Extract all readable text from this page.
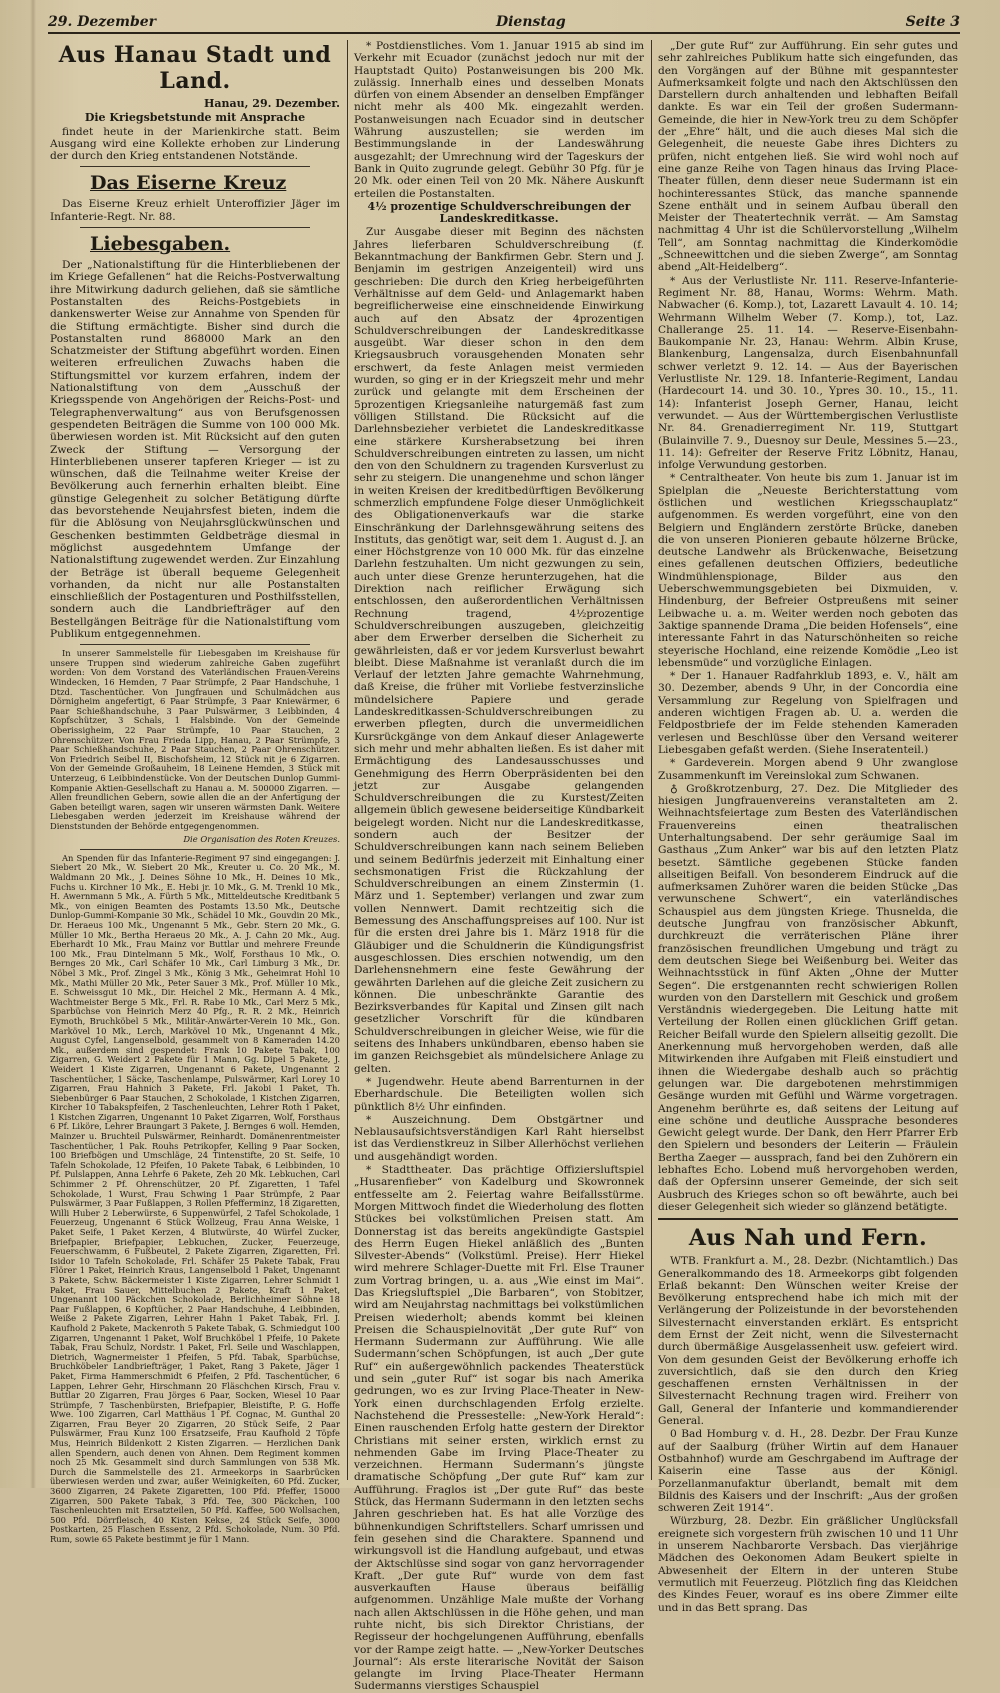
29. Dezember	Dienstag	Seite 3
Aus Hanau Stadt und Land.
Hanau, 29. Dezember.
Die Kriegsbetstunde mit Ansprache

findet heute in der Marienkirche statt. Beim Ausgang wird eine Kollekte erhoben zur Linderung der durch den Krieg entstandenen Notstände.

Das Eiserne Kreuz

Das Eiserne Kreuz erhielt Unteroffizier Jäger im Infanterie-Regt. Nr. 88.

Liebesgaben.

Der „Nationalstiftung für die Hinterbliebenen der im Kriege Gefallenen“ hat die Reichs-Postverwaltung ihre Mitwirkung dadurch geliehen, daß sie sämtliche Postanstalten des Reichs-Postgebiets in dankenswerter Weise zur Annahme von Spenden für die Stiftung ermächtigte. Bisher sind durch die Postanstalten rund 868000 Mark an den Schatzmeister der Stiftung abgeführt worden. Einen weiteren erfreulichen Zuwachs haben die Stiftungsmittel vor kurzem erfahren, indem der Nationalstiftung von dem „Ausschuß der Kriegsspende von Angehörigen der Reichs-Post- und Telegraphenverwaltung“ aus von Berufsgenossen gespendeten Beiträgen die Summe von 100 000 Mk. überwiesen worden ist. Mit Rücksicht auf den guten Zweck der Stiftung — Versorgung der Hinterbliebenen unserer tapferen Krieger — ist zu wünschen, daß die Teilnahme weiter Kreise der Bevölkerung auch fernerhin erhalten bleibt. Eine günstige Gelegenheit zu solcher Betätigung dürfte das bevorstehende Neujahrsfest bieten, indem die für die Ablösung von Neujahrsglückwünschen und Geschenken bestimmten Geldbeträge diesmal in möglichst ausgedehntem Umfange der Nationalstiftung zugewendet werden. Zur Einzahlung der Beträge ist überall bequeme Gelegenheit vorhanden, da nicht nur alle Postanstalten einschließlich der Postagenturen und Posthilfsstellen, sondern auch die Landbriefträger auf den Bestellgängen Beiträge für die Nationalstiftung vom Publikum entgegennehmen.

In unserer Sammelstelle für Liebesgaben im Kreishause für unsere Truppen sind wiederum zahlreiche Gaben zugeführt worden: Von dem Vorstand des Vaterländischen Frauen-Vereins Windecken, 16 Hemden, 7 Paar Strümpfe, 2 Paar Handschuhe, 1 Dtzd. Taschentücher. Von Jungfrauen und Schulmädchen aus Dörnigheim angefertigt, 6 Paar Strümpfe, 3 Paar Kniewärmer, 6 Paar Schießhandschuhe, 3 Paar Pulswärmer, 3 Leibbinden, 4 Kopfschützer, 3 Schals, 1 Halsbinde. Von der Gemeinde Oberissigheim, 22 Paar Strümpfe, 10 Paar Stauchen, 2 Ohrenschützer. Von Frau Frieda Lipp, Hanau, 2 Paar Strümpfe, 3 Paar Schießhandschuhe, 2 Paar Stauchen, 2 Paar Ohrenschützer. Von Friedrich Seibel II, Bischofsheim, 12 Stück nit je 6 Zigarren. Von der Gemeinde Großauheim, 18 Leinene Hemden, 3 Stück mit Unterzeug, 6 Leibbindenstücke. Von der Deutschen Dunlop Gummi-Kompanie Aktien-Gesellschaft zu Hanau a. M. 500000 Zigarren. — Allen freundlichen Gebern, sowie allen die an der Anfertigung der Gaben beteiligt waren, sagen wir unseren wärmsten Dank. Weitere Liebesgaben werden jederzeit im Kreishause während der Dienststunden der Behörde entgegengenommen.

Die Organisation des Roten Kreuzes.

An Spenden für das Infanterie-Regiment 97 sind eingegangen: J. Siebert 20 Mk., W. Siebert 20 Mk., Kreuter u. Co. 20 Mk., M. Waldmann 20 Mk., J. Deines Söhne 10 Mk., H. Deines 10 Mk., Fuchs u. Kirchner 10 Mk., E. Hebi jr. 10 Mk., G. M. Trenkl 10 Mk., H. Awernmann 5 Mk., A. Fürth 5 Mk., Mitteldeutsche Kreditbank 5 Mk., von einigen Beamten des Postamts 13.50 Mk., Deutsche Dunlop-Gummi-Kompanie 30 Mk., Schädel 10 Mk., Gouvdin 20 Mk., Dr. Heraeus 100 Mk., Ungenannt 5 Mk., Gebr. Stern 20 Mk., G. Müller 10 Mk., Bertha Heraeus 20 Mk., A. J. Cahn 20 Mk., Aug. Eberhardt 10 Mk., Frau Mainz vor Buttlar und mehrere Freunde 100 Mk., Frau Dintelmann 5 Mk., Wolf, Forsthaus 10 Mk., O. Bernges 20 Mk., Carl Schäfer 10 Mk., Carl Limburg 3 Mk., Dr. Nöbel 3 Mk., Prof. Zingel 3 Mk., König 3 Mk., Geheimrat Hohl 10 Mk., Mathi Müller 20 Mk., Peter Sauer 3 Mk., Prof. Müller 10 Mk., E. Schweissgut 10 Mk., Dir. Heichel 2 Mk., Hermann A. 4 Mk., Wachtmeister Berge 5 Mk., Frl. R. Rabe 10 Mk., Carl Merz 5 Mk., Sparbüchse von Heinrich Merz 40 Pfg., R. R. 2 Mk., Heinrich Eymoth, Bruchköbel 5 Mk., Militär-Anwärter-Verein 10 Mk., Gon. Markövel 10 Mk., Lerch, Markövel 10 Mk., Ungenannt 4 Mk., August Cyfel, Langenselbold, gesammelt von 8 Kameraden 14.20 Mk., außerdem sind gespendet: Frank 10 Pakete Tabak, 100 Zigarren, G. Weidert 2 Pakete für 1 Mann, Gg. Dipel 5 Pakete, J. Weidert 1 Kiste Zigarren, Ungenannt 6 Pakete, Ungenannt 2 Taschentücher, 1 Säcke, Taschenlampe, Pulswärmer, Karl Lorey 10 Zigarren, Frau Hahnich 3 Pakete, Frl. Jakobi 1 Paket, Th. Siebenbürger 6 Paar Stauchen, 2 Schokolade, 1 Kistchen Zigarren, Kircher 10 Tabakspfeifen, 2 Taschenleuchten, Lehrer Roth 1 Paket, 1 Kistchen Zigarren, Ungenannt 10 Paket Zigarren, Wolf, Forsthaus 6 Pf. Liköre, Lehrer Braungart 3 Pakete, J. Bernges 6 woll. Hemden, Mainzer u. Bruchteil Pulswärmer, Reinhardt. Domänenrentmeister Taschentücher, 1 Pak. Rouhs Petrikopfer, Kelling 9 Paar Socken, 100 Briefbögen und Umschläge, 24 Tintenstifte, 20 St. Seife, 10 Tafeln Schokolade, 12 Pfeifen, 10 Pakete Tabak, 6 Leibbinden, 10 Pf. Pulslappen, Anna Lehrfe 6 Pakete, Zeh 20 Mk. Lebkuchen, Carl Schimmer 2 Pf. Ohrenschützer, 20 Pf. Zigaretten, 1 Tafel Schokolade, 1 Wurst, Frau Schwing 1 Paar Strümpfe, 2 Paar Pulswärmer, 3 Paar Fußlappen, 3 Rollen Pfefferminz, 18 Zigaretten, Willi Huber 2 Leberwürste, 6 Suppenwürfel, 2 Tafel Schokolade, 1 Feuerzeug, Ungenannt 6 Stück Wollzeug, Frau Anna Weiske, 1 Paket Seife, 1 Paket Kerzen, 4 Blutwürste, 40 Würfel Zucker, Briefpapier, Briefpapier, Lebkuchen, Zucker, Feuerzeuge, Feuerschwamm, 6 Fußbeutel, 2 Pakete Zigarren, Zigaretten, Frl. Isidor 10 Tafeln Schokolade, Frl. Schäfer 25 Pakete Tabak, Frau Flörer 1 Paket, Heinrich Kraus, Langenselbold 1 Paket, Ungenannt 3 Pakete, Schw. Bäckermeister 1 Kiste Zigarren, Lehrer Schmidt 1 Paket, Frau Sauer, Mittelbuchen 2 Pakete, Kraft 1 Paket, Ungenannt 100 Päckchen Schokolade, Berlichheimer Söhne 18 Paar Fußlappen, 6 Kopftücher, 2 Paar Handschuhe, 4 Leibbinden, Weiße 2 Pakete Zigarren, Lehrer Hahn 1 Paket Tabak, Frl. J. Kaufhold 2 Pakete, Mackenroth 5 Pakete Tabak, G. Schmiedgut 100 Zigarren, Ungenannt 1 Paket, Wolf Bruchköbel 1 Pfeife, 10 Pakete Tabak, Frau Schulz, Nordstr. 1 Paket, Frl. Seile und Waschlappen, Dietrich, Wagnermeister 1 Pfeifen, 5 Pfd. Tabak, Sparbüchse, Bruchköbeler Landbriefträger, 1 Paket, Rang 3 Pakete, Jäger 1 Paket, Firma Hammerschmidt 6 Pfeifen, 2 Pfd. Taschentücher, 6 Lappen, Lehrer Gehr, Hirschmann 20 Fläschchen Kirsch, Frau v. Buttlar 20 Zigarren, Frau Jörges 6 Paar, Socken, Wiesel 10 Paar Strümpfe, 7 Taschenbürsten, Briefpapier, Bleistifte, P. G. Hoffe Wwe. 100 Zigarren, Carl Matthäus 1 Pf. Cognac, M. Gunthal 20 Zigarren, Frau Beyer 20 Zigarren, 20 Stück Seife, 2 Paar Pulswärmer, Frau Kunz 100 Ersatzseife, Frau Kaufhold 2 Töpfe Mus, Heinrich Bildenkott 2 Kisten Zigarren. — Herzlichen Dank allen Spendern, auch denen von Ahnen. Dem Regiment kommen noch 25 Mk. Gesammelt sind durch Sammlungen von 538 Mk. Durch die Sammelstelle des 21. Armeekorps in Saarbrücken überwiesen werden und zwar, außer Weinigkeiten, 60 Pfd. Zucker, 3600 Zigarren, 24 Pakete Zigaretten, 100 Pfd. Pfeffer, 15000 Zigarren, 500 Pakete Tabak, 3 Pfd. Tee, 300 Päckchen, 100 Taschenleuchten mit Ersatzteilen, 50 Pfd. Kaffee, 500 Wollsachen, 500 Pfd. Dörrfleisch, 40 Kisten Kekse, 24 Stück Seife, 3000 Postkarten, 25 Flaschen Essenz, 2 Pfd. Schokolade, Num. 30 Pfd. Rum, sowie 65 Pakete bestimmt je für 1 Mann.

* Postdienstliches. Vom 1. Januar 1915 ab sind im Verkehr mit Ecuador (zunächst jedoch nur mit der Hauptstadt Quito) Postanweisungen bis 200 Mk. zulässig. Innerhalb eines und desselben Monats dürfen von einem Absender an denselben Empfänger nicht mehr als 400 Mk. eingezahlt werden. Postanweisungen nach Ecuador sind in deutscher Währung auszustellen; sie werden im Bestimmungslande in der Landeswährung ausgezahlt; der Umrechnung wird der Tageskurs der Bank in Quito zugrunde gelegt. Gebühr 30 Pfg. für je 20 Mk. oder einen Teil von 20 Mk. Nähere Auskunft erteilen die Postanstalten.

4½ prozentige Schuldverschreibungen der Landeskreditkasse.

Zur Ausgabe dieser mit Beginn des nächsten Jahres lieferbaren Schuldverschreibung (f. Bekanntmachung der Bankfirmen Gebr. Stern und J. Benjamin im gestrigen Anzeigenteil) wird uns geschrieben: Die durch den Krieg herbeigeführten Verhältnisse auf dem Geld- und Anlagemarkt haben begreiflicherweise eine einschneidende Einwirkung auch auf den Absatz der 4prozentigen Schuldverschreibungen der Landeskreditkasse ausgeübt. War dieser schon in den dem Kriegsausbruch vorausgehenden Monaten sehr erschwert, da feste Anlagen meist vermieden wurden, so ging er in der Kriegszeit mehr und mehr zurück und gelangte mit dem Erscheinen der 5prozentigen Kriegsanleihe naturgemäß fast zum völligen Stillstand. Die Rücksicht auf die Darlehnsbezieher verbietet die Landeskreditkasse eine stärkere Kursherabsetzung bei ihren Schuldverschreibungen eintreten zu lassen, um nicht den von den Schuldnern zu tragenden Kursverlust zu sehr zu steigern. Die unangenehme und schon länger in weiten Kreisen der kreditbedürftigen Bevölkerung schmerzlich empfundene Folge dieser Unmöglichkeit des Obligationenverkaufs war die starke Einschränkung der Darlehnsgewährung seitens des Instituts, das genötigt war, seit dem 1. August d. J. an einer Höchstgrenze von 10 000 Mk. für das einzelne Darlehn festzuhalten. Um nicht gezwungen zu sein, auch unter diese Grenze herunterzugehen, hat die Direktion nach reiflicher Erwägung sich entschlossen, den außerordentlichen Verhältnissen Rechnung tragend, 4½prozentige Schuldverschreibungen auszugeben, gleichzeitig aber dem Erwerber derselben die Sicherheit zu gewährleisten, daß er vor jedem Kursverlust bewahrt bleibt. Diese Maßnahme ist veranlaßt durch die im Verlauf der letzten Jahre gemachte Wahrnehmung, daß Kreise, die früher mit Vorliebe festverzinsliche mündelsichere Papiere und gerade Landeskreditkassen-Schuldverschreibungen zu erwerben pflegten, durch die unvermeidlichen Kursrückgänge von dem Ankauf dieser Anlagewerte sich mehr und mehr abhalten ließen. Es ist daher mit Ermächtigung des Landesausschusses und Genehmigung des Herrn Oberpräsidenten bei den jetzt zur Ausgabe gelangenden Schuldverschreibungen die zu Kurstest/Zeiten allgemein üblich gewesene beiderseitige Kündbarkeit beigelegt worden. Nicht nur die Landeskreditkasse, sondern auch der Besitzer der Schuldverschreibungen kann nach seinem Belieben und seinem Bedürfnis jederzeit mit Einhaltung einer sechsmonatigen Frist die Rückzahlung der Schuldverschreibungen an einem Zinstermin (1. März und 1. September) verlangen und zwar zum vollen Nennwert. Damit rechtzeitig sich die Bemessung des Anschaffungspreises auf 100. Nur ist für die ersten drei Jahre bis 1. März 1918 für die Gläubiger und die Schuldnerin die Kündigungsfrist ausgeschlossen. Dies erschien notwendig, um den Darlehensnehmern eine feste Gewährung der gewährten Darlehen auf die gleiche Zeit zusichern zu können. Die unbeschränkte Garantie des Bezirksverbandes für Kapital und Zinsen gilt nach gesetzlicher Vorschrift für die kündbaren Schuldverschreibungen in gleicher Weise, wie für die seitens des Inhabers unkündbaren, ebenso haben sie im ganzen Reichsgebiet als mündelsichere Anlage zu gelten.

* Jugendwehr. Heute abend Barrenturnen in der Eberhardschule. Die Beteiligten wollen sich pünktlich 8½ Uhr einfinden.

* Auszeichnung. Dem Obstgärtner und Neblausaufsichtsverständigen Karl Raht hierselbst ist das Verdienstkreuz in Silber Allerhöchst verliehen und ausgehändigt worden.

* Stadttheater. Das prächtige Offiziersluftspiel „Husarenfieber“ von Kadelburg und Skowronnek entfesselte am 2. Feiertag wahre Beifallsstürme. Morgen Mittwoch findet die Wiederholung des flotten Stückes bei volkstümlichen Preisen statt. Am Donnerstag ist das bereits angekündigte Gastspiel des Herrn Eugen Hiekel anläßlich des „Bunten Silvester-Abends“ (Volkstüml. Preise). Herr Hiekel wird mehrere Schlager-Duette mit Frl. Else Trauner zum Vortrag bringen, u. a. aus „Wie einst im Mai“. Das Kriegsluftspiel „Die Barbaren“, von Stobitzer, wird am Neujahrstag nachmittags bei volkstümlichen Preisen wiederholt; abends kommt bei kleinen Preisen die Schauspielnovität „Der gute Ruf“ von Hermann Sudermann zur Aufführung. Wie alle Sudermann’schen Schöpfungen, ist auch „Der gute Ruf“ ein außergewöhnlich packendes Theaterstück und sein „guter Ruf“ ist sogar bis nach Amerika gedrungen, wo es zur Irving Place-Theater in New-York einen durchschlagenden Erfolg erzielte. Nachstehend die Pressestelle: „New-York Herald“: Einen rauschenden Erfolg hatte gestern der Direktor Christians mit seiner ersten, wirklich ernst zu nehmenden Gabe im Irving Place-Theater zu verzeichnen. Hermann Sudermann’s jüngste dramatische Schöpfung „Der gute Ruf“ kam zur Aufführung. Fraglos ist „Der gute Ruf“ das beste Stück, das Hermann Sudermann in den letzten sechs Jahren geschrieben hat. Es hat alle Vorzüge des bühnenkundigen Schriftstellers. Scharf umrissen und fein gesehen sind die Charaktere. Spannend und wirkungsvoll ist die Handlung aufgebaut, und etwas der Aktschlüsse sind sogar von ganz hervorragender Kraft. „Der gute Ruf“ wurde von dem fast ausverkauften Hause überaus beifällig aufgenommen. Unzählige Male mußte der Vorhang nach allen Aktschlüssen in die Höhe gehen, und man ruhte nicht, bis sich Direktor Christians, der Regisseur der hochgelungenen Aufführung, ebenfalls vor der Rampe zeigt hatte. — „New-Yorker Deutsches Journal“: Als erste literarische Novität der Saison gelangte im Irving Place-Theater Hermann Sudermanns vierstiges Schauspiel

„Der gute Ruf“ zur Aufführung. Ein sehr gutes und sehr zahlreiches Publikum hatte sich eingefunden, das den Vorgängen auf der Bühne mit gespanntester Aufmerksamkeit folgte und nach den Aktschlüssen den Darstellern durch anhaltenden und lebhaften Beifall dankte. Es war ein Teil der großen Sudermann-Gemeinde, die hier in New-York treu zu dem Schöpfer der „Ehre“ hält, und die auch dieses Mal sich die Gelegenheit, die neueste Gabe ihres Dichters zu prüfen, nicht entgehen ließ. Sie wird wohl noch auf eine ganze Reihe von Tagen hinaus das Irving Place-Theater füllen, denn dieser neue Sudermann ist ein hochinteressantes Stück, das manche spannende Szene enthält und in seinem Aufbau überall den Meister der Theatertechnik verrät. — Am Samstag nachmittag 4 Uhr ist die Schülervorstellung „Wilhelm Tell“, am Sonntag nachmittag die Kinderkomödie „Schneewittchen und die sieben Zwerge“, am Sonntag abend „Alt-Heidelberg“.

* Aus der Verlustliste Nr. 111. Reserve-Infanterie-Regiment Nr. 88, Hanau, Worms: Wehrm. Math. Nabwacher (6. Komp.), tot, Lazarett Lavault 4. 10. 14; Wehrmann Wilhelm Weber (7. Komp.), tot, Laz. Challerange 25. 11. 14. — Reserve-Eisenbahn-Baukompanie Nr. 23, Hanau: Wehrm. Albin Kruse, Blankenburg, Langensalza, durch Eisenbahnunfall schwer verletzt 9. 12. 14. — Aus der Bayerischen Verlustliste Nr. 129. 18. Infanterie-Regiment, Landau (Hardecourt 14. und 30. 10., Ypres 30. 10., 15., 11. 14): Infanterist Joseph Gerner, Hanau, leicht verwundet. — Aus der Württembergischen Verlustliste Nr. 84. Grenadierregiment Nr. 119, Stuttgart (Bulainville 7. 9., Duesnoy sur Deule, Messines 5.—23., 11. 14): Gefreiter der Reserve Fritz Löbnitz, Hanau, infolge Verwundung gestorben.

* Centraltheater. Von heute bis zum 1. Januar ist im Spielplan die „Neueste Berichterstattung vom östlichen und westlichen Kriegsschauplatz“ aufgenommen. Es werden vorgeführt, eine von den Belgiern und Engländern zerstörte Brücke, daneben die von unseren Pionieren gebaute hölzerne Brücke, deutsche Landwehr als Brückenwache, Beisetzung eines gefallenen deutschen Offiziers, bedeutliche Windmühlenspionage, Bilder aus den Ueberschwemmungsgebieten bei Dixmuiden, v. Hindenburg, der Befreier Ostpreußens mit seiner Leibwache u. a. m. Weiter werden noch geboten das 3aktige spannende Drama „Die beiden Hofensels“, eine interessante Fahrt in das Naturschönheiten so reiche steyerische Hochland, eine reizende Komödie „Leo ist lebensmüde“ und vorzügliche Einlagen.

* Der 1. Hanauer Radfahrklub 1893, e. V., hält am 30. Dezember, abends 9 Uhr, in der Concordia eine Versammlung zur Regelung von Spielfragen und anderen wichtigen Fragen ab. U. a. werden die Feldpostbriefe der im Felde stehenden Kameraden verlesen und Beschlüsse über den Versand weiterer Liebesgaben gefaßt werden. (Siehe Inseratenteil.)

* Gardeverein. Morgen abend 9 Uhr zwanglose Zusammenkunft im Vereinslokal zum Schwanen.

♁ Großkrotzenburg, 27. Dez. Die Mitglieder des hiesigen Jungfrauenvereins veranstalteten am 2. Weihnachtsfeiertage zum Besten des Vaterländischen Frauenvereins einen theatralischen Unterhaltungsabend. Der sehr geräumige Saal im Gasthaus „Zum Anker“ war bis auf den letzten Platz besetzt. Sämtliche gegebenen Stücke fanden allseitigen Beifall. Von besonderem Eindruck auf die aufmerksamen Zuhörer waren die beiden Stücke „Das verwunschene Schwert“, ein vaterländisches Schauspiel aus dem jüngsten Kriege. Thusnelda, die deutsche Jungfrau von französischer Abkunft, durchkreuzt die verräterischen Pläne ihrer französischen freundlichen Umgebung und trägt zu dem deutschen Siege bei Weißenburg bei. Weiter das Weihnachtsstück in fünf Akten „Ohne der Mutter Segen“. Die erstgenannten recht schwierigen Rollen wurden von den Darstellern mit Geschick und großem Verständnis wiedergegeben. Die Leitung hatte mit Verteilung der Rollen einen glücklichen Griff getan. Reicher Beifall wurde den Spielern allseitig gezollt. Die Anerkennung muß hervorgehoben werden, daß alle Mitwirkenden ihre Aufgaben mit Fleiß einstudiert und ihnen die Wiedergabe deshalb auch so prächtig gelungen war. Die dargebotenen mehrstimmigen Gesänge wurden mit Gefühl und Wärme vorgetragen. Angenehm berührte es, daß seitens der Leitung auf eine schöne und deutliche Aussprache besonderes Gewicht gelegt wurde. Der Dank, den Herr Pfarrer Erb den Spielern und besonders der Leiterin — Fräulein Bertha Zaeger — aussprach, fand bei den Zuhörern ein lebhaftes Echo. Lobend muß hervorgehoben werden, daß der Opfersinn unserer Gemeinde, der sich seit Ausbruch des Krieges schon so oft bewährte, auch bei dieser Gelegenheit sich wieder so glänzend betätigte.

Aus Nah und Fern.

WTB. Frankfurt a. M., 28. Dezbr. (Nichtamtlich.) Das Generalkommando des 18. Armeekorps gibt folgenden Erlaß bekannt: Den Wünschen weiter Kreise der Bevölkerung entsprechend habe ich mich mit der Verlängerung der Polizeistunde in der bevorstehenden Silvesternacht einverstanden erklärt. Es entspricht dem Ernst der Zeit nicht, wenn die Silvesternacht durch übermäßige Ausgelassenheit usw. gefeiert wird. Von dem gesunden Geist der Bevölkerung erhoffe ich zuversichtlich, daß sie den durch den Krieg geschaffenen ernsten Verhältnissen in der Silvesternacht Rechnung tragen wird. Freiherr von Gall, General der Infanterie und kommandierender General.

0 Bad Homburg v. d. H., 28. Dezbr. Der Frau Kunze auf der Saalburg (früher Wirtin auf dem Hanauer Ostbahnhof) wurde am Geschrgabend im Auftrage der Kaiserin eine Tasse aus der Königl. Porzellanmanufaktur überlandt, bemalt mit dem Bildnis des Kaisers und der Inschrift: „Aus der großen schweren Zeit 1914“.

Würzburg, 28. Dezbr. Ein gräßlicher Unglücksfall ereignete sich vorgestern früh zwischen 10 und 11 Uhr in unserem Nachbarorte Versbach. Das vierjährige Mädchen des Oekonomen Adam Beukert spielte in Abwesenheit der Eltern in der unteren Stube vermutlich mit Feuerzeug. Plötzlich fing das Kleidchen des Kindes Feuer, worauf es ins obere Zimmer eilte und in das Bett sprang. Das
